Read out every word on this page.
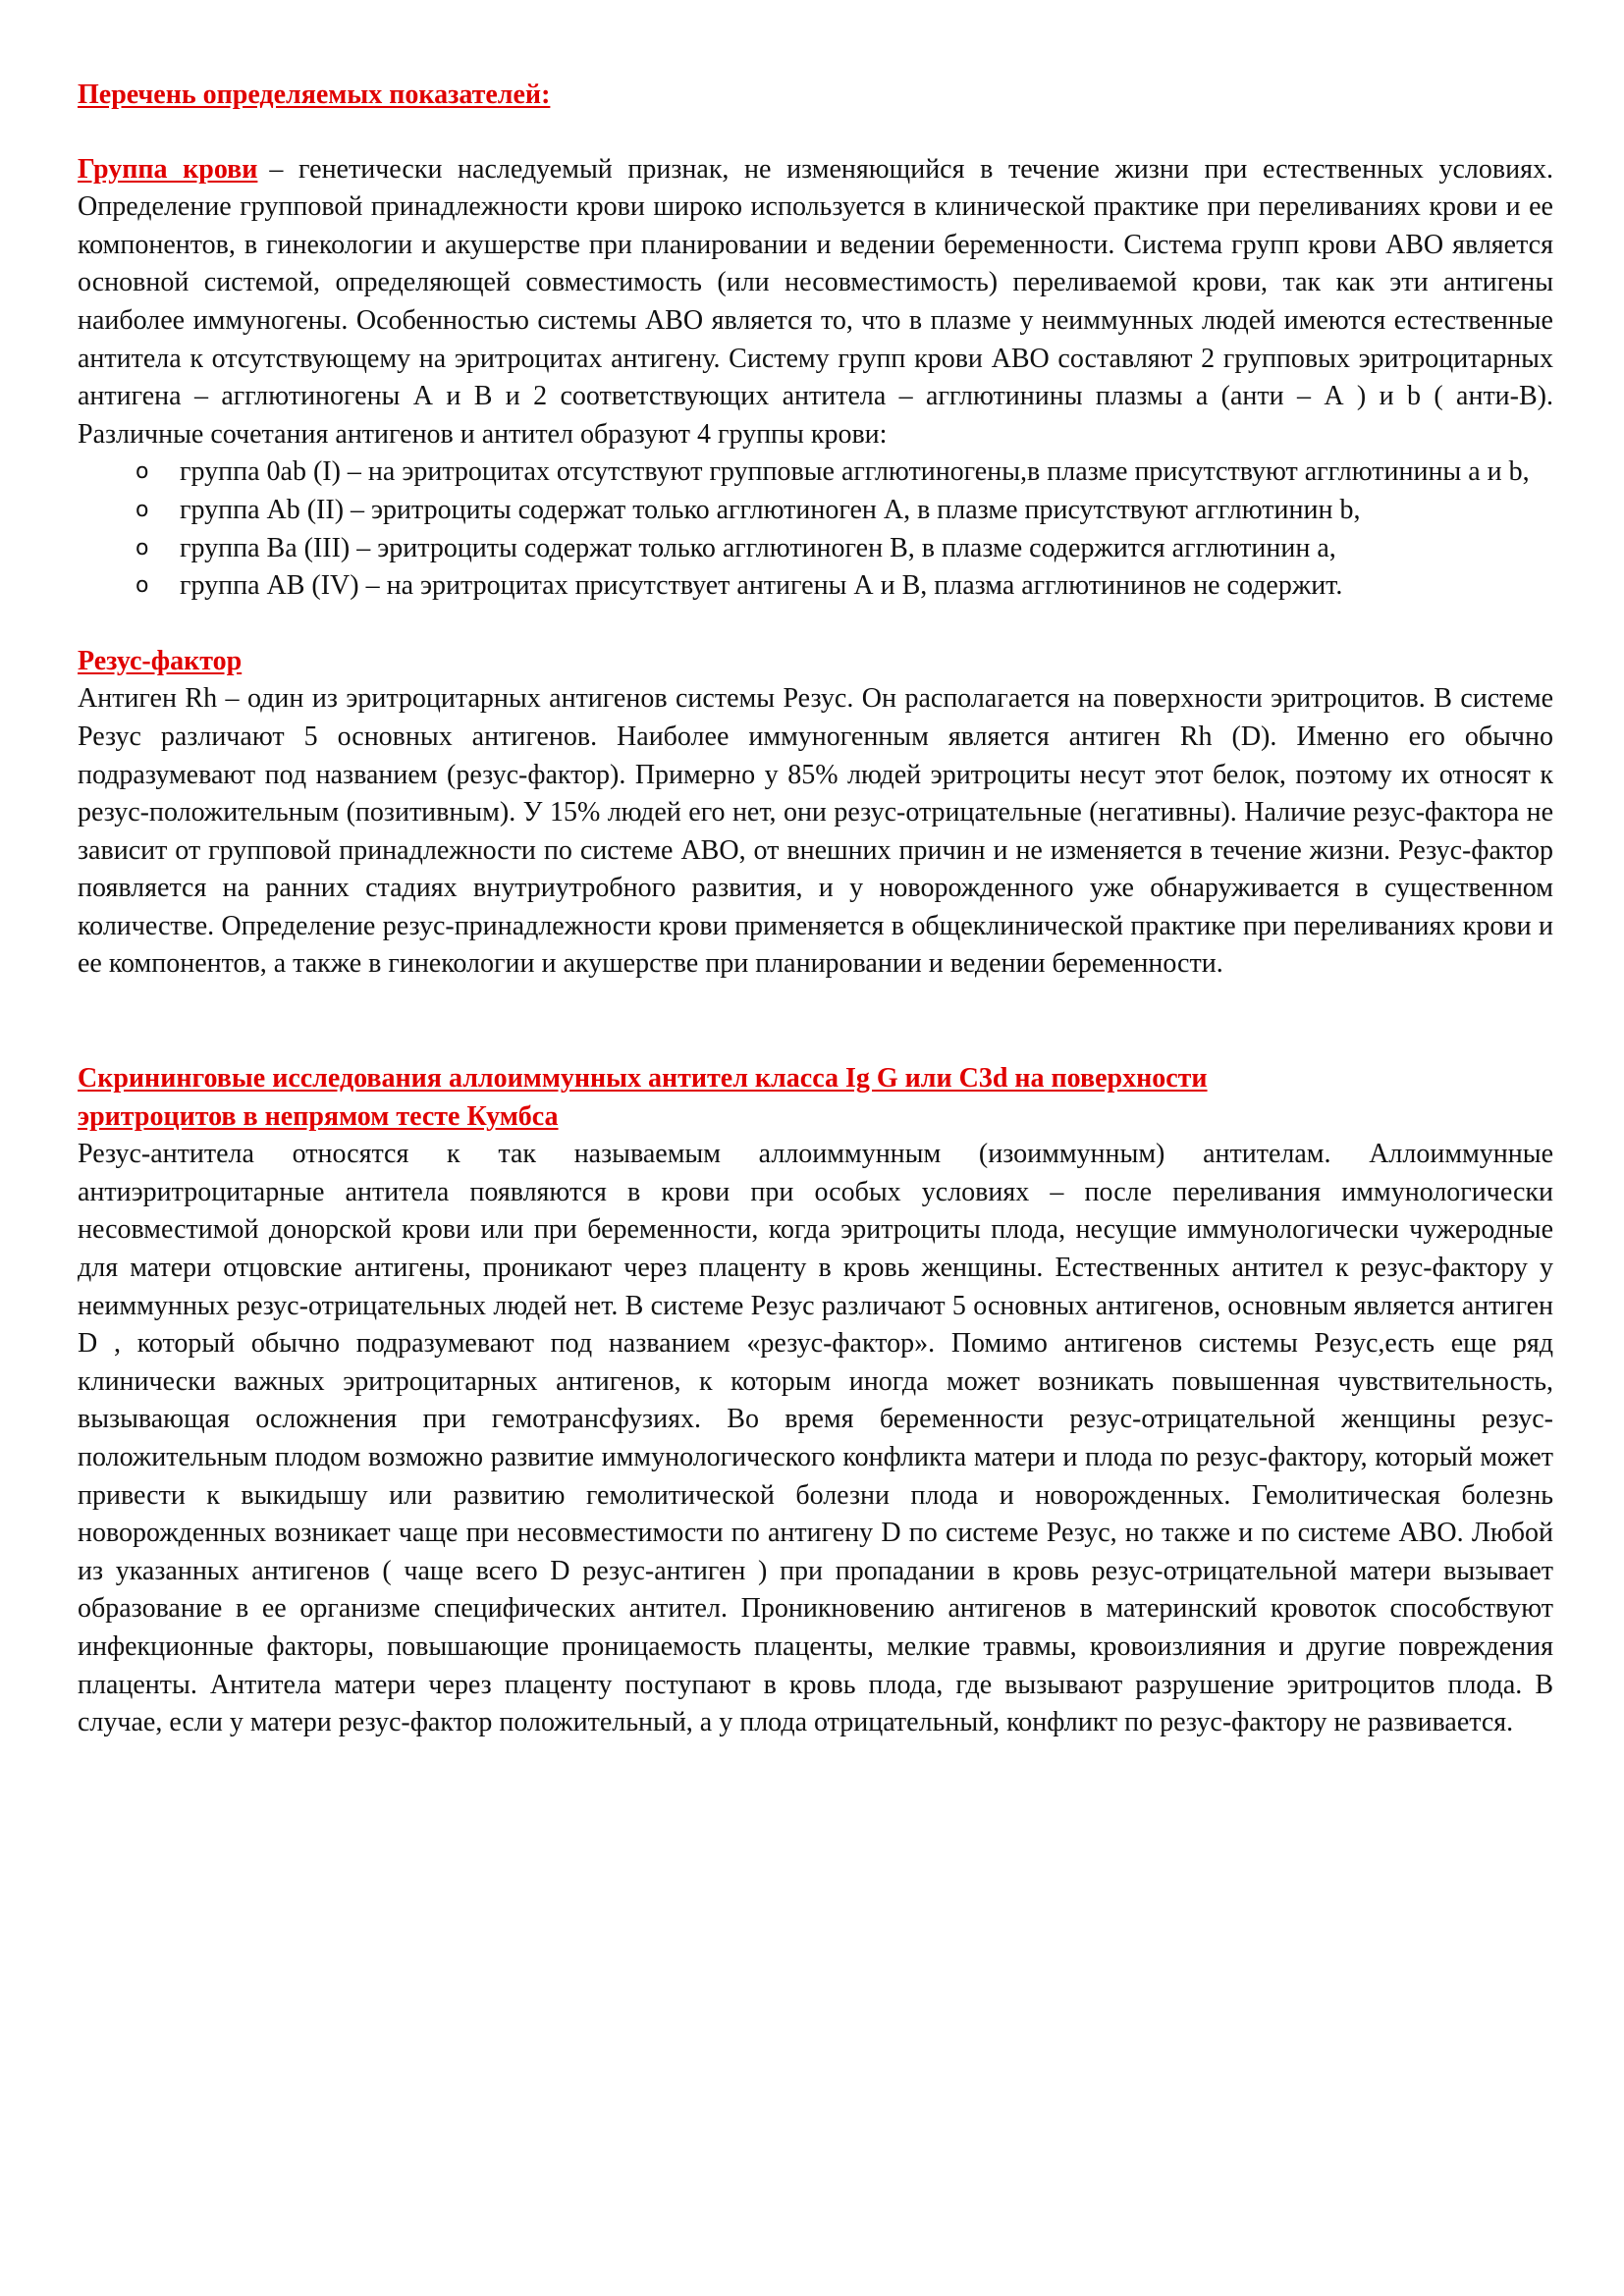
Перечень определяемых показателей:

Группа крови – генетически наследуемый признак, не изменяющийся в течение жизни при естественных условиях. Определение групповой принадлежности крови широко используется в клинической практике при переливаниях крови и ее компонентов, в гинекологии и акушерстве при планировании и ведении беременности. Система групп крови АВО является основной системой, определяющей совместимость (или несовместимость) переливаемой крови, так как эти антигены наиболее иммуногены. Особенностью системы АВО является то, что в плазме у неиммунных людей имеются естественные антитела к отсутствующему на эритроцитах антигену. Систему групп крови АВО составляют 2 групповых эритроцитарных антигена – агглютиногены А и В и 2 соответствующих антитела – агглютинины плазмы а (анти – А ) и b ( анти-В). Различные сочетания антигенов и антител образуют 4 группы крови:

o группа 0ab (I) – на эритроцитах отсутствуют групповые агглютиногены,в плазме присутствуют агглютинины а и b,
o группа Ab (II) – эритроциты содержат только агглютиноген А, в плазме присутствуют агглютинин b,
o группа Ba (III) – эритроциты содержат только агглютиноген В, в плазме содержится агглютинин а,
o группа АВ (IV) – на эритроцитах присутствует антигены А и В, плазма агглютининов не содержит.
Резус-фактор

Антиген Rh – один из эритроцитарных антигенов системы Резус. Он располагается на поверхности эритроцитов. В системе Резус различают 5 основных антигенов. Наиболее иммуногенным является антиген Rh (D). Именно его обычно подразумевают под названием (резус-фактор). Примерно у 85% людей эритроциты несут этот белок, поэтому их относят к резус-положительным (позитивным). У 15% людей его нет, они резус-отрицательные (негативны). Наличие резус-фактора не зависит от групповой принадлежности по системе АВО, от внешних причин и не изменяется в течение жизни. Резус-фактор появляется на ранних стадиях внутриутробного развития, и у новорожденного уже обнаруживается в существенном количестве. Определение резус-принадлежности крови применяется в общеклинической практике при переливаниях крови и ее компонентов, а также в гинекологии и акушерстве при планировании и ведении беременности.

Скрининговые исследования аллоиммунных антител класса Ig G или C3d на поверхности
эритроцитов в непрямом тесте Кумбса

Резус-антитела относятся к так называемым аллоиммунным (изоиммунным) антителам. Аллоиммунные антиэритроцитарные антитела появляются в крови при особых условиях – после переливания иммунологически несовместимой донорской крови или при беременности, когда эритроциты плода, несущие иммунологически чужеродные для матери отцовские антигены, проникают через плаценту в кровь женщины. Естественных антител к резус-фактору у неиммунных резус-отрицательных людей нет. В системе Резус различают 5 основных антигенов, основным является антиген D , который обычно подразумевают под названием «резус-фактор». Помимо антигенов системы Резус,есть еще ряд клинически важных эритроцитарных антигенов, к которым иногда может возникать повышенная чувствительность, вызывающая осложнения при гемотрансфузиях. Во время беременности резус-отрицательной женщины резус-положительным плодом возможно развитие иммунологического конфликта матери и плода по резус-фактору, который может привести к выкидышу или развитию гемолитической болезни плода и новорожденных. Гемолитическая болезнь новорожденных возникает чаще при несовместимости по антигену D по системе Резус, но также и по системе АВО. Любой из указанных антигенов ( чаще всего D резус-антиген ) при пропадании в кровь резус-отрицательной матери вызывает образование в ее организме специфических антител. Проникновению антигенов в материнский кровоток способствуют инфекционные факторы, повышающие проницаемость плаценты, мелкие травмы, кровоизлияния и другие повреждения плаценты. Антитела матери через плаценту поступают в кровь плода, где вызывают разрушение эритроцитов плода. В случае, если у матери резус-фактор положительный, а у плода отрицательный, конфликт по резус-фактору не развивается.
